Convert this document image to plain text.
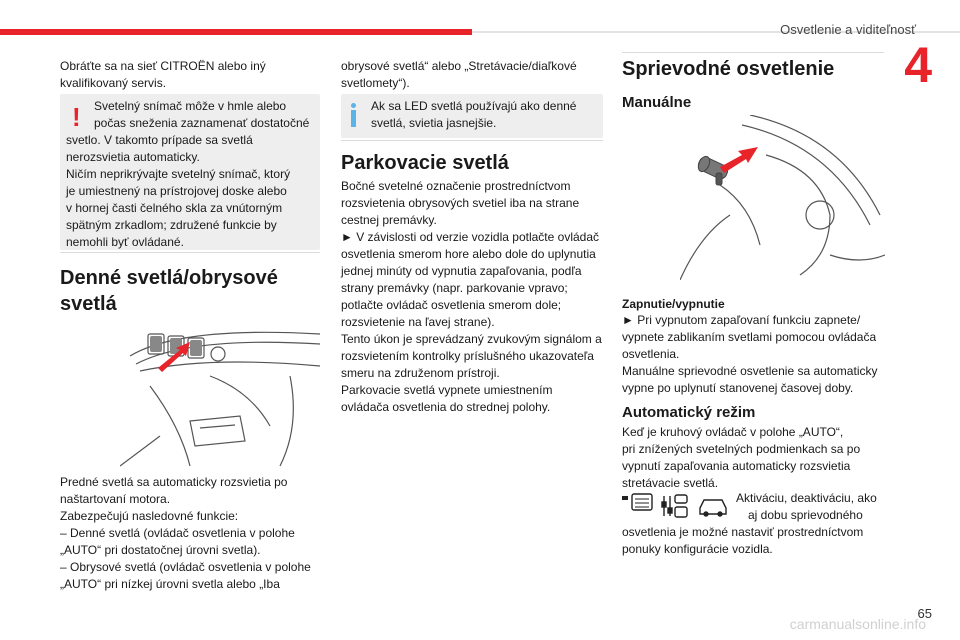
Osvetlenie a viditeľnosť
4

Obráťte sa na sieť CITROËN alebo iný

kvalifikovaný servis.

!	Svetelný snímač môže v hmle alebo

počas sneženia zaznamenať dostatočné

svetlo. V takomto prípade sa svetlá

nerozsvietia automaticky.

Ničím neprikrývajte svetelný snímač, ktorý

je umiestnený na prístrojovej doske alebo

v hornej časti čelného skla za vnútorným

spätným zrkadlom; združené funkcie by

nemohli byť ovládané.

Denné svetlá/obrysové
svetlá

Predné svetlá sa automaticky rozsvietia po

naštartovaní motora.

Zabezpečujú nasledovné funkcie:

– Denné svetlá (ovládač osvetlenia v polohe

„AUTO“ pri dostatočnej úrovni svetla).

– Obrysové svetlá (ovládač osvetlenia v polohe

„AUTO“ pri nízkej úrovni svetla alebo „Iba

obrysové svetlá“ alebo „Stretávacie/diaľkové

svetlomety“).

Ak sa LED svetlá používajú ako denné

svetlá, svietia jasnejšie.

Parkovacie svetlá

Bočné svetelné označenie prostredníctvom

rozsvietenia obrysových svetiel iba na strane

cestnej premávky.

► V závislosti od verzie vozidla potlačte ovládač

osvetlenia smerom hore alebo dole do uplynutia

jednej minúty od vypnutia zapaľovania, podľa

strany premávky (napr. parkovanie vpravo;

potlačte ovládač osvetlenia smerom dole;

rozsvietenie na ľavej strane).

Tento úkon je sprevádzaný zvukovým signálom a

rozsvietením kontrolky príslušného ukazovateľa

smeru na združenom prístroji.

Parkovacie svetlá vypnete umiestnením

ovládača osvetlenia do strednej polohy.

Sprievodné osvetlenie
Manuálne
Zapnutie/vypnutie

► Pri vypnutom zapaľovaní funkciu zapnete/

vypnete zablikaním svetlami pomocou ovládača

osvetlenia.

Manuálne sprievodné osvetlenie sa automaticky

vypne po uplynutí stanovenej časovej doby.

Automatický režim

Keď je kruhový ovládač v polohe „AUTO“,

pri znížených svetelných podmienkach sa po

vypnutí zapaľovania automaticky rozsvietia

stretávacie svetlá.

Aktiváciu, deaktiváciu, ako

aj dobu sprievodného

osvetlenia je možné nastaviť prostredníctvom

ponuky konfigurácie vozidla.

65
carmanualsonline.info
